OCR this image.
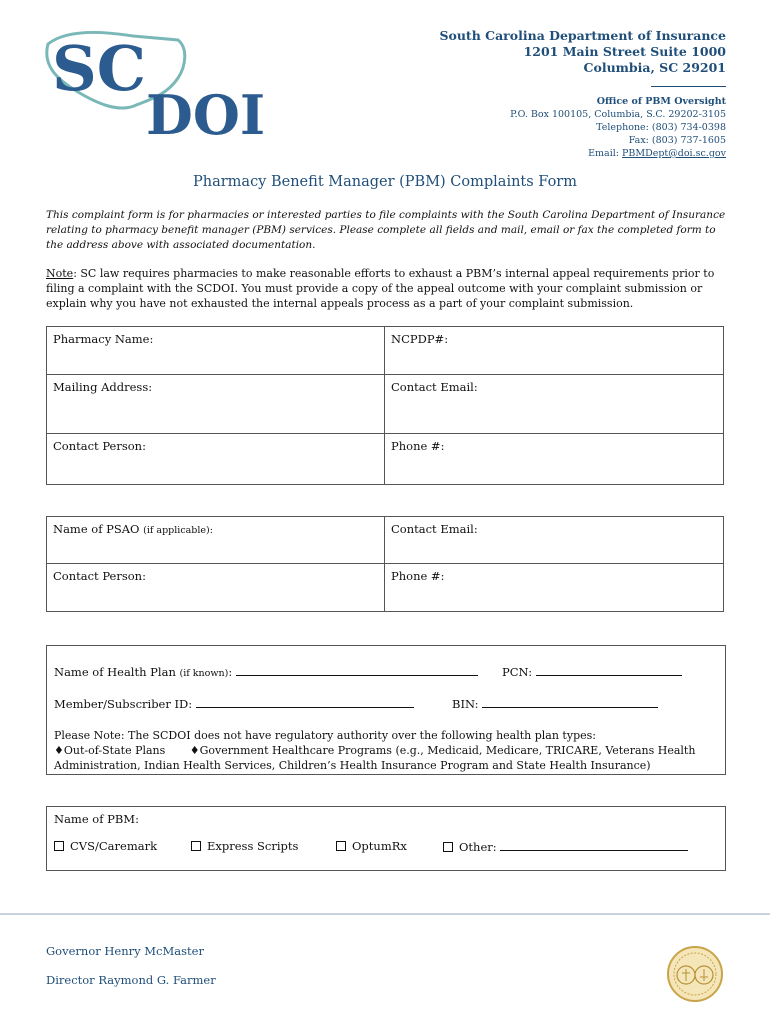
SC
DOI
South Carolina Department of Insurance
1201 Main Street Suite 1000
Columbia, SC 29201
Office of PBM Oversight
P.O. Box 100105, Columbia, S.C. 29202-3105
Telephone: (803) 734-0398
Fax: (803) 737-1605
Email: PBMDept@doi.sc.gov
Pharmacy Benefit Manager (PBM) Complaints Form
This complaint form is for pharmacies or interested parties to file complaints with the South Carolina Department of Insurance relating to pharmacy benefit manager (PBM) services. Please complete all fields and mail, email or fax the completed form to the address above with associated documentation.
Note: SC law requires pharmacies to make reasonable efforts to exhaust a PBM’s internal appeal requirements prior to filing a complaint with the SCDOI. You must provide a copy of the appeal outcome with your complaint submission or explain why you have not exhausted the internal appeals process as a part of your complaint submission.
Pharmacy Name:	NCPDP#:
Mailing Address:	Contact Email:
Contact Person:	Phone #:
Name of PSAO (if applicable):	Contact Email:
Contact Person:	Phone #:
Name of Health Plan (if known):	PCN:
Member/Subscriber ID:	BIN:
Please Note: The SCDOI does not have regulatory authority over the following health plan types:
♦Out-of-State Plans ♦Government Healthcare Programs (e.g., Medicaid, Medicare, TRICARE, Veterans Health Administration, Indian Health Services, Children’s Health Insurance Program and State Health Insurance)
Name of PBM:
CVS/Caremark	Express Scripts	OptumRx	Other:
Governor Henry McMaster
Director Raymond G. Farmer
